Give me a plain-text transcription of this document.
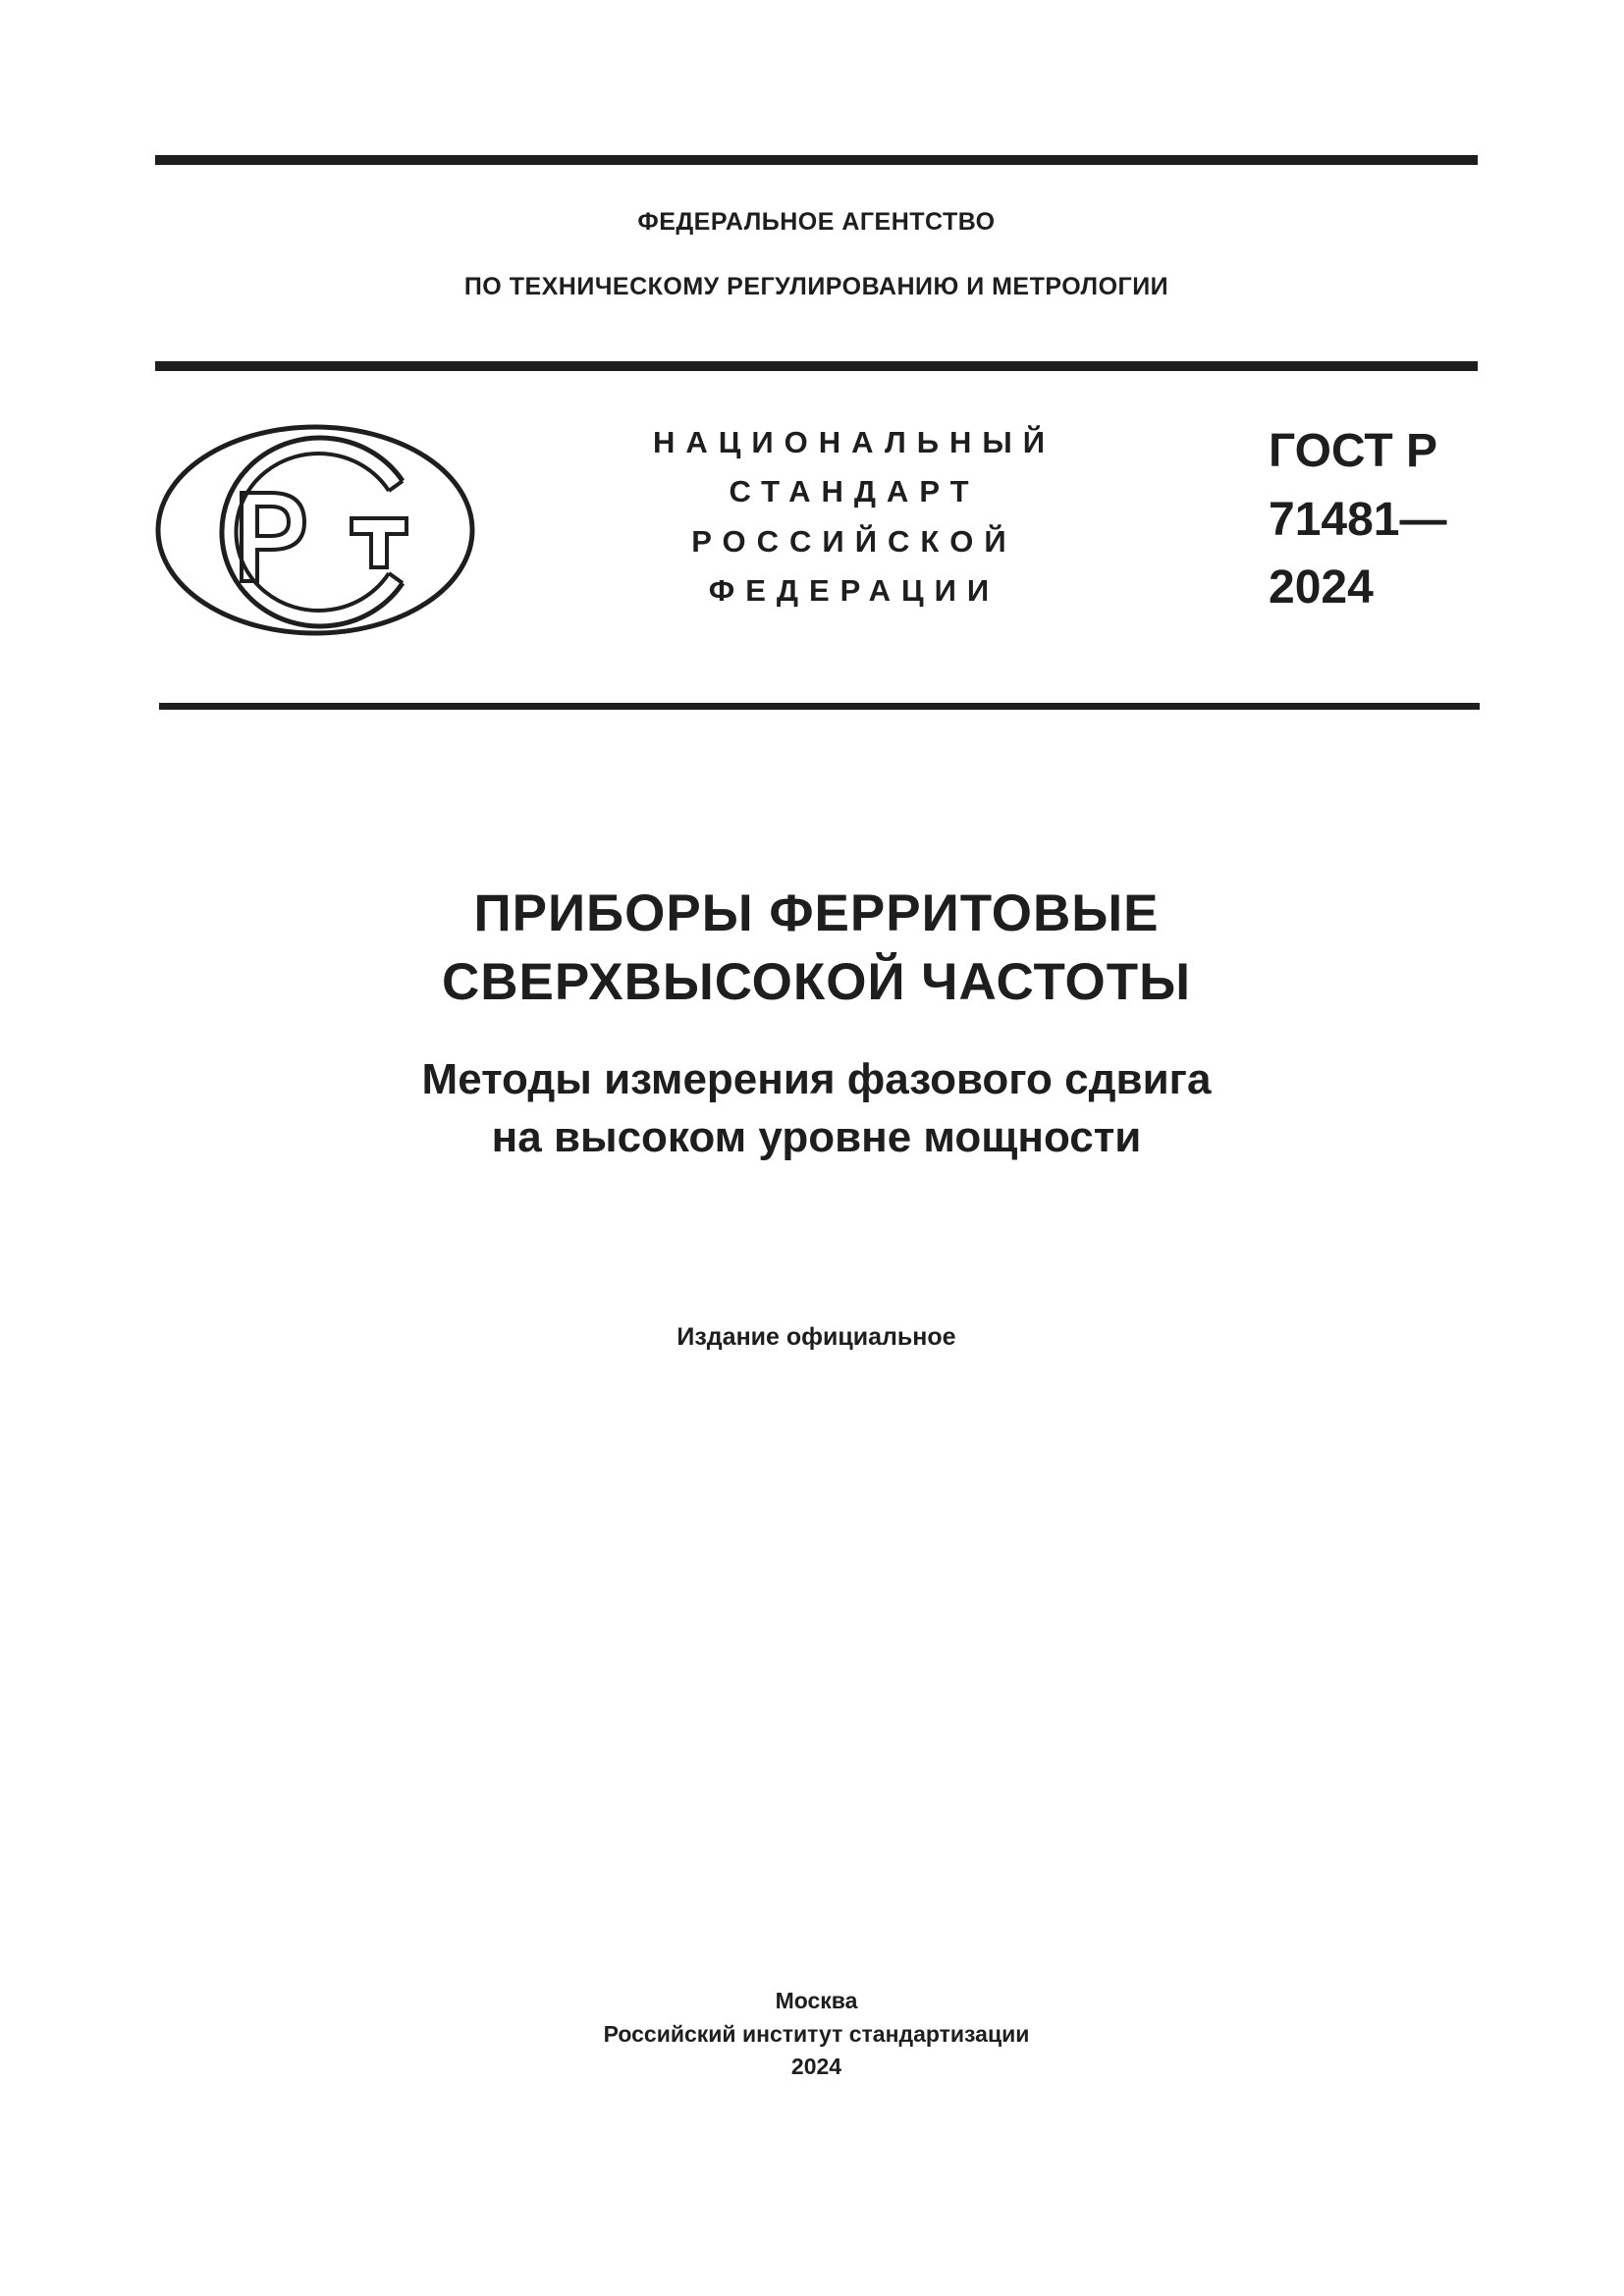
ФЕДЕРАЛЬНОЕ АГЕНТСТВО
ПО ТЕХНИЧЕСКОМУ РЕГУЛИРОВАНИЮ И МЕТРОЛОГИИ
НАЦИОНАЛЬНЫЙ
СТАНДАРТ
РОССИЙСКОЙ
ФЕДЕРАЦИИ
ГОСТ Р
71481—
2024
ПРИБОРЫ ФЕРРИТОВЫЕ
СВЕРХВЫСОКОЙ ЧАСТОТЫ
Методы измерения фазового сдвига
на высоком уровне мощности
Издание официальное
Москва
Российский институт стандартизации
2024
